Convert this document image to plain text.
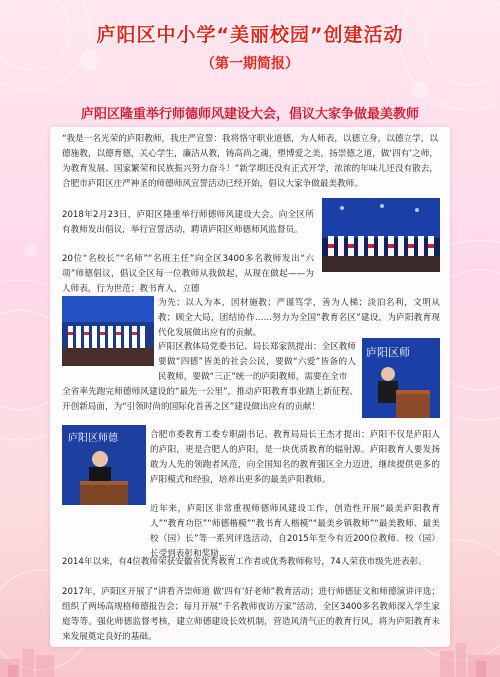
庐阳区中小学“美丽校园”创建活动
（第一期简报）
庐阳区隆重举行师德师风建设大会，倡议大家争做最美教师

“我是一名光荣的庐阳教师，我庄严宣誓：我将恪守职业道德，为人师表，以德立身，以德立学，以德施教，以德育德，关心学生，廉洁从教，铸高尚之魂，塑博爱之美，扬崇德之道，做‘四有’之师，为教育发展、国家繁荣和民族振兴努力奋斗！”新学期还没有正式开学，浓浓的年味儿还没有散去，合肥市庐阳区庄严神圣的师德师风宣誓活动已经开始，倡议大家争做最美教师。

2018年2月23日，庐阳区隆重举行师德师风建设大会。向全区所有教师发出倡议，举行宣誓活动，聘请庐阳区师德师风监督员。

20位“名校长”“名师”“名班主任”向全区3400多名教师发出“六项”师德倡议，倡议全区每一位教师从我做起，从现在做起——为人师表，行为世范；教书育人，立德

为先；以人为本，因材施教；严谨笃学，善为人梯；淡泊名利，文明从教；顾全大局，团结协作……努力为全国“教育名区”建设，为庐阳教育现代化发展做出应有的贡献。

庐阳区教体局党委书记、局长郑家凯提出：全区教师要做“四德”皆美的社会公民，要做“六爱”皆备的人民教师，要做“三正”统一的庐阳教师，需要在全市

全省率先跑完师德师风建设的“最先一公里”，推动庐阳教育事业踏上新征程、开创新局面，为“引领时尚的国际化首善之区”建设做出应有的贡献！

合肥市委教育工委专职副书记、教育局局长王杰才提出：庐阳不仅是庐阳人的庐阳，更是合肥人的庐阳，是一块优质教育的辐射源。庐阳教育人要发扬敢为人先的领跑者风范，向全国知名的教育强区全力迈进，继续提供更多的庐阳模式和经验，培养出更多的最美庐阳教师。

近年来，庐阳区非常重视师德师风建设工作，创造性开展“最美庐阳教育人”“教育功臣”“师德楷模”“教书育人楷模”“最美乡镇教师”“最美教师、最美校（园）长”等一系列评选活动，自2015年至今有近200位教师、校（园）长受到表彰和奖励……

2014年以来，有4位教师荣获安徽省优秀教育工作者或优秀教师称号，74人荣获市级先进表彰。

2017年，庐阳区开展了“讲看齐崇师道 做‘四有’好老师”教育活动；进行师德征文和师德演讲评选；组织了两场高规格师德报告会；每月开展“千名教师夜访万家”活动，全区3400多名教师深入学生家庭等等。强化师德监督考核，建立师德建设长效机制，营造风清气正的教育行风，将为庐阳教育未来发展奠定良好的基础。

庐阳区师
庐阳区师德
